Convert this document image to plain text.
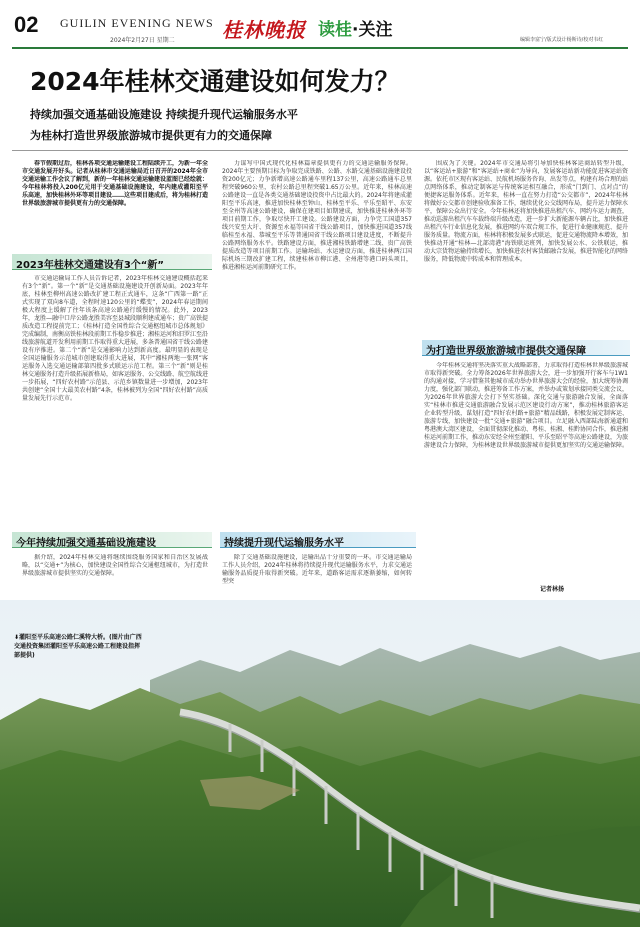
02 GUILIN EVENING NEWS
2024年2月27日 星期二 桂林晚报 读桂·关注	编辑李富宁/版式设计杨斯诗/校对韦红
2024年桂林交通建设如何发力？
持续加强交通基础设施建设 持续提升现代运输服务水平
为桂林打造世界级旅游城市提供更有力的交通保障

春节假期过后，桂林各项交通运输建设工程陆续开工，为新一年全市交通发展开好头。记者从桂林市交通运输局近日召开的2024年全市交通运输工作会议了解到，新的一年桂林交通运输建设蓝图已经绘就：今年桂林将投入200亿元用于交通基础设施建设，年内建成灌阳至平乐高速，加快桂林外环等项目建设……这些项目建成后，将为桂林打造世界级旅游城市提供更有力的交通保障。

2023年桂林交通建设有3个“新”

市交通运输局工作人员告诉记者，2023年桂林交通建设概括起来有3个“新”。第一个“新”是交通基础设施建设开创新局面。2023年年底，桂林至柳州高速公路改扩建工程正式通车，这条“广西第一路”正式实现了双向8车道，全程时速120公里的“蝶变”，2024年春运期间极大程度上缓解了往年该条高速公路通行缓慢的情况。此外，2023年，龙胜—融中口岸公路龙胜美容至县城段顺利建成通车；贵广高铁提质改造工程提前完工；《桂林打造全国性综合交通枢纽城市总体规划》完成编制，南衡高铁桂林段前期工作稳步推进；湘桂运河和汨罗江至沿线旅游航道开发利用前期工作取得重大进展，多条普通国省干线公路建设有序推进。第二个“新”是交通影响力达到新高度。最明显的表现是全国运输服务示范城市创建取得重大进展，其中“湘桂两地一张网”客运服务入选交通运输部第四批多式联运示范工程。第三个“新”则是桂林交通服务打造升级拓展新格局，如客运服务、公交线路、航空航线进一步拓展，“四好农村路”示范县、示范乡镇数量进一步增加，2023年共创建“全国十大最美农村路”4条，桂林被列为全国“四好农村路”高质量发展先行示范市。

今年持续加强交通基础设施建设

据介绍，2024年桂林交通将继续围绕服务国家和自治区发展战略，以“交通+”为核心，加快建设全国性综合交通枢纽城市，为打造世界级旅游城市提供坚实的交通保障。

力谋写中国式现代化桂林篇章提供更有力的交通运输服务保障。2024年主要预期目标为争取完成铁路、公路、水路交通基础设施建设投资200亿元；力争新增高速公路通车里程137公里，高速公路通车总里程突破960公里，农村公路总里程突破1.65万公里。近年来，桂林高速公路建设一直是各类交通基础建设投资中占比最大的。2024年将建成灌阳至平乐高速，推进加快桂林至钟山、桂林至平乐、平乐至昭平、东安至全州等高速公路建设，确保在建项目如期建成，加快推进桂林外环等项目前期工作，争取尽快开工建设。公路建设方面，力争完工国道357线兴安至大圩、资源至永福等国省干线公路项目，加快推进国道357线临桂至永福、恭城至平乐等普通国省干线公路项目建设进度，不断提升公路网络服务水平。铁路建设方面，推进湘桂铁路增建二线、贵广高铁提质改造等项目前期工作。运输场站、水运建设方面，推进桂林两江国际机场三期改扩建工程，续建桂林市柳江港、全州港等港口码头项目，推进湘桂运河前期研究工作。

持续提升现代运输服务水平

除了交通基础设施建设，运输出品十分重要的一环。市交通运输局工作人员介绍，2024年桂林将持续提升现代运输服务水平，力求交通运输服务品质提升取得新突破。近年来，道路客运需求逐渐萎缩，如何转型突

围成为了关键。2024年市交通局将引导加快桂林客运商站转型升级，以“客运站+旅游”和“客运站+商业”为导向，发展客运站新功能促进客运站资源。依托市区现有客运站、民航机场服务咨询、出发等点，构建有场合理的站点网络体系，推动定制客运与传统客运相互融合，形成“门到门、点对点”的便捷客运服务体系。近年来，桂林一直在努力打造“公交都市”，2024年桂林将做好公交都市创建验收准备工作，继续优化公交线网布局，提升运力保障水平，保障公众出行安全。今年桂林还将加快推进出租汽车、网约车运力调查，推动巡游出租汽车车载终端升级改造，进一步扩大新能源车辆占比，加快推进出租汽车行业信息化发展，推进网约车双合规工作，促进行业健康规范、提升服务质量。物流方面，桂林将积极发展多式联运，促进交通物流降本增效，加快推动开通“桂林—北部湾港”海铁联运班列，加快发展公水、公铁联运，推动大宗货物运输持续增长，加快推进农村客货邮融合发展，推进智能化的网络服务，降低物流中转成本和管理成本。

为打造世界级旅游城市提供交通保障

今年桂林交通将坚决落实重大战略部署，力求取得打造桂林世界级旅游城市取得新突破。全力筹备2026年世界旅游大会，进一步加强开行客车与1W1的沟通对接，学习借鉴其他城市成功举办世界旅游大会的经验，加大统筹协调力度，强化部门联动，推进筹备工作方案，并举办或策划承接同类交流会议，为2026年世界旅游大会打下坚实基础。深化交通与旅游融合发展，全面落实“桂林市推进交通旅游融合发展示范区建设行动方案”，推动桂林旅游客运企业转型升级，谋划打造“四好农村路+旅游”精品线路，积极发展定制客运、旅游专线，加快建设一批“交通+旅游”融合项目。立足融入西部陆海新通道和粤港澳大湾区建设，全面贯彻深化推动、粤桂、桂湘、桂黔协同合作，推进湘桂运河前期工作，推动东安经全州至灌阳、平乐至昭平等高速公路建设，为旅游建设合力保障，为桂林建设世界级旅游城市提供更加坚实的交通运输保障。

记者林扬
⬇灌阳至平乐高速公路仁溪特大桥。(图片由广西交通投资集团灌阳至平乐高速公路工程建设指挥部提供)
